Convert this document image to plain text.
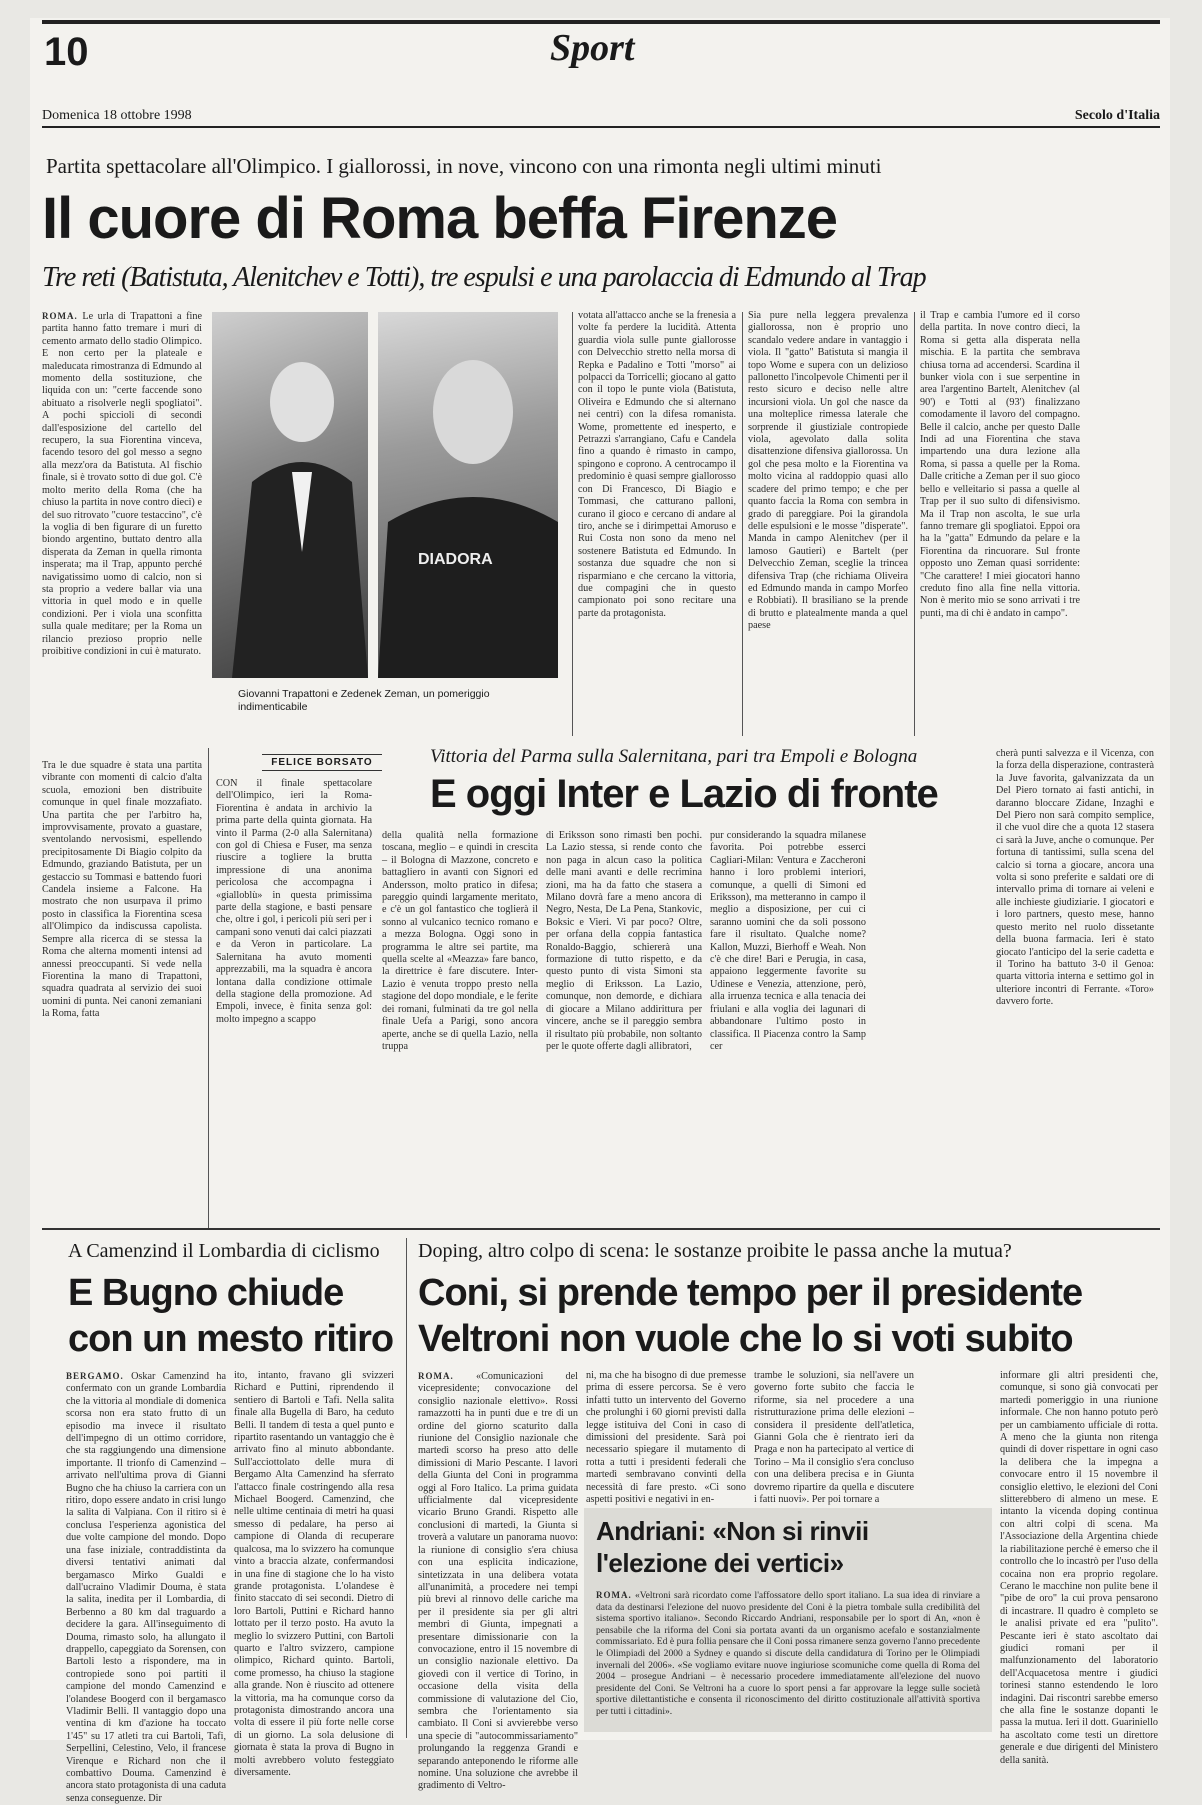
10	Sport
Domenica 18 ottobre 1998	Secolo d'Italia
Partita spettacolare all'Olimpico. I giallorossi, in nove, vincono con una rimonta negli ultimi minuti
Il cuore di Roma beffa Firenze
Tre reti (Batistuta, Alenitchev e Totti), tre espulsi e una parolaccia di Edmundo al Trap
ROMA. Le urla di Trapattoni a fine partita hanno fatto tremare i muri di cemento armato dello stadio Olimpico. E non certo per la plateale e maleducata rimostranza di Edmundo al momento della sostituzione, che liquida con un: "certe faccende sono abituato a risolverle negli spogliatoi". A pochi spiccioli di secondi dall'esposizione del cartello del recupero, la sua Fiorentina vinceva, facendo tesoro del gol messo a segno alla mezz'ora da Batistuta. Al fischio finale, si è trovato sotto di due gol. C'è molto merito della Roma (che ha chiuso la partita in nove contro dieci) e del suo ritrovato "cuore testaccino", c'è la voglia di ben figurare di un furetto biondo argentino, buttato dentro alla disperata da Zeman in quella rimonta insperata; ma il Trap, appunto perché navigatissimo uomo di calcio, non si sta proprio a vedere ballar via una vittoria in quel modo e in quelle condizioni. Per i viola una sconfitta sulla quale meditare; per la Roma un rilancio prezioso proprio nelle proibitive condizioni in cui è maturato.
DIADORA
Giovanni Trapattoni e Zedenek Zeman, un pomeriggio indimenticabile
votata all'attacco anche se la frenesia a volte fa perdere la lucidità. Attenta guardia viola sulle punte giallorosse con Delvecchio stretto nella morsa di Repka e Padalino e Totti "morso" ai polpacci da Torricelli; giocano al gatto con il topo le punte viola (Batistuta, Oliveira e Edmundo che si alternano nei centri) con la difesa romanista. Wome, promettente ed inesperto, e Petrazzi s'arrangiano, Cafu e Candela fino a quando è rimasto in campo, spingono e coprono. A centrocampo il predominio è quasi sempre giallorosso con Di Francesco, Di Biagio e Tommasi, che catturano palloni, curano il gioco e cercano di andare al tiro, anche se i dirimpettai Amoruso e Rui Costa non sono da meno nel sostenere Batistuta ed Edmundo. In sostanza due squadre che non si risparmiano e che cercano la vittoria, due compagini che in questo campionato poi sono recitare una parte da protagonista.
Sia pure nella leggera prevalenza giallorossa, non è proprio uno scandalo vedere andare in vantaggio i viola. Il "gatto" Batistuta si mangia il topo Wome e supera con un delizioso pallonetto l'incolpevole Chimenti per il resto sicuro e deciso nelle altre incursioni viola. Un gol che nasce da una molteplice rimessa laterale che sorprende il giustiziale contropiede viola, agevolato dalla solita disattenzione difensiva giallorossa. Un gol che pesa molto e la Fiorentina va molto vicina al raddoppio quasi allo scadere del primo tempo; e che per quanto faccia la Roma con sembra in grado di pareggiare. Poi la girandola delle espulsioni e le mosse "disperate". Manda in campo Alenitchev (per il lamoso Gautieri) e Bartelt (per Delvecchio Zeman, sceglie la trincea difensiva Trap (che richiama Oliveira ed Edmundo manda in campo Morfeo e Robbiati). Il brasiliano se la prende di brutto e platealmente manda a quel paese
il Trap e cambia l'umore ed il corso della partita. In nove contro dieci, la Roma si getta alla disperata nella mischia. E la partita che sembrava chiusa torna ad accendersi. Scardina il bunker viola con i sue serpentine in area l'argentino Bartelt, Alenitchev (al 90') e Totti al (93') finalizzano comodamente il lavoro del compagno. Belle il calcio, anche per questo Dalle Indi ad una Fiorentina che stava impartendo una dura lezione alla Roma, si passa a quelle per la Roma. Dalle critiche a Zeman per il suo gioco bello e velleitario si passa a quelle al Trap per il suo sulto di difensivismo. Ma il Trap non ascolta, le sue urla fanno tremare gli spogliatoi. Eppoi ora ha la "gatta" Edmundo da pelare e la Fiorentina da rincuorare. Sul fronte opposto uno Zeman quasi sorridente: "Che carattere! I miei giocatori hanno creduto fino alla fine nella vittoria. Non è merito mio se sono arrivati i tre punti, ma di chi è andato in campo".
Tra le due squadre è stata una partita vibrante con momenti di calcio d'alta scuola, emozioni ben distribuite comunque in quel finale mozzafiato. Una partita che per l'arbitro ha, improvvisamente, provato a guastare, sventolando nervosismi, espellendo precipitosamente Di Biagio colpito da Edmundo, graziando Batistuta, per un gestaccio su Tommasi e battendo fuori Candela insieme a Falcone. Ha mostrato che non usurpava il primo posto in classifica la Fiorentina scesa all'Olimpico da indiscussa capolista. Sempre alla ricerca di se stessa la Roma che alterna momenti intensi ad annessi preoccupanti. Si vede nella Fiorentina la mano di Trapattoni, squadra quadrata al servizio dei suoi uomini di punta. Nei canoni zemaniani la Roma, fatta
FELICE BORSATO	Vittoria del Parma sulla Salernitana, pari tra Empoli e Bologna
E oggi Inter e Lazio di fronte
CON il finale spettacolare dell'Olimpico, ieri la Roma-Fiorentina è andata in archivio la prima parte della quinta giornata. Ha vinto il Parma (2-0 alla Salernitana) con gol di Chiesa e Fuser, ma senza riuscire a togliere la brutta impressione di una anonima pericolosa che accompagna i «gialloblù» in questa primissima parte della stagione, e basti pensare che, oltre i gol, i pericoli più seri per i campani sono venuti dai calci piazzati e da Veron in particolare. La Salernitana ha avuto momenti apprezzabili, ma la squadra è ancora lontana dalla condizione ottimale della stagione della promozione. Ad Empoli, invece, è finita senza gol: molto impegno a scappo
della qualità nella formazione toscana, meglio – e quindi in crescita – il Bologna di Mazzone, concreto e battagliero in avanti con Signori ed Andersson, molto pratico in difesa; pareggio quindi largamente meritato, e c'è un gol fantastico che toglierà il sonno al vulcanico tecnico romano e a mezza Bologna. Oggi sono in programma le altre sei partite, ma quella scelte al «Meazza» fare banco, la direttrice è fare discutere. Inter-Lazio è venuta troppo presto nella stagione del dopo mondiale, e le ferite dei romani, fulminati da tre gol nella finale Uefa a Parigi, sono ancora aperte, anche se di quella Lazio, nella truppa
di Eriksson sono rimasti ben pochi. La Lazio stessa, si rende conto che non paga in alcun caso la politica delle mani avanti e delle recrimina zioni, ma ha da fatto che stasera a Milano dovrà fare a meno ancora di Negro, Nesta, De La Pena, Stankovic, Boksic e Vieri. Vi par poco? Oltre, per orfana della coppia fantastica Ronaldo-Baggio, schiererà una formazione di tutto rispetto, e da questo punto di vista Simoni sta meglio di Eriksson. La Lazio, comunque, non demorde, e dichiara di giocare a Milano addirittura per vincere, anche se il pareggio sembra il risultato più probabile, non soltanto per le quote offerte dagli allibratori,
pur considerando la squadra milanese favorita. Poi potrebbe esserci Cagliari-Milan: Ventura e Zaccheroni hanno i loro problemi interiori, comunque, a quelli di Simoni ed Eriksson), ma metteranno in campo il meglio a disposizione, per cui ci saranno uomini che da soli possono fare il risultato. Qualche nome? Kallon, Muzzi, Bierhoff e Weah. Non c'è che dire! Bari e Perugia, in casa, appaiono leggermente favorite su Udinese e Venezia, attenzione, però, alla irruenza tecnica e alla tenacia dei friulani e alla voglia dei lagunari di abbandonare l'ultimo posto in classifica. Il Piacenza contro la Samp cer
cherà punti salvezza e il Vicenza, con la forza della disperazione, contrasterà la Juve favorita, galvanizzata da un Del Piero tornato ai fasti antichi, in daranno bloccare Zidane, Inzaghi e Del Piero non sarà compito semplice, il che vuol dire che a quota 12 stasera ci sarà la Juve, anche o comunque. Per fortuna di tantissimi, sulla scena del calcio si torna a giocare, ancora una volta si sono preferite e saldati ore di intervallo prima di tornare ai veleni e alle inchieste giudiziarie. I giocatori e i loro partners, questo mese, hanno questo merito nel ruolo dissetante della buona farmacia. Ieri è stato giocato l'anticipo del la serie cadetta e il Torino ha battuto 3-0 il Genoa: quarta vittoria interna e settimo gol in ulteriore incontri di Ferrante. «Toro» davvero forte.
A Camenzind il Lombardia di ciclismo
E Bugno chiude
con un mesto ritiro
BERGAMO. Oskar Camenzind ha confermato con un grande Lombardia che la vittoria al mondiale di domenica scorsa non era stato frutto di un episodio ma invece il risultato dell'impegno di un ottimo corridore, che sta raggiungendo una dimensione importante. Il trionfo di Camenzind – arrivato nell'ultima prova di Gianni Bugno che ha chiuso la carriera con un ritiro, dopo essere andato in crisi lungo la salita di Valpiana. Con il ritiro si è conclusa l'esperienza agonistica del due volte campione del mondo. Dopo una fase iniziale, contraddistinta da diversi tentativi animati dal bergamasco Mirko Gualdi e dall'ucraino Vladimir Douma, è stata la salita, inedita per il Lombardia, di Berbenno a 80 km dal traguardo a decidere la gara. All'inseguimento di Douma, rimasto solo, ha allungato il drappello, capeggiato da Sorensen, con Bartoli lesto a rispondere, ma in contropiede sono poi partiti il campione del mondo Camenzind e l'olandese Boogerd con il bergamasco Vladimir Belli. Il vantaggio dopo una ventina di km d'azione ha toccato 1'45" su 17 atleti tra cui Bartoli, Tafi, Serpellini, Celestino, Velo, il francese Virenque e Richard non che il combattivo Douma. Camenzind è ancora stato protagonista di una caduta senza conseguenze. Dir
ito, intanto, fravano gli svizzeri Richard e Puttini, riprendendo il sentiero di Bartoli e Tafi. Nella salita finale alla Bugella di Baro, ha ceduto Belli. Il tandem di testa a quel punto e ripartito rasentando un vantaggio che è arrivato fino al minuto abbondante. Sull'acciottolato delle mura di Bergamo Alta Camenzind ha sferrato l'attacco finale costringendo alla resa Michael Boogerd. Camenzind, che nelle ultime centinaia di metri ha quasi smesso di pedalare, ha perso ai campione di Olanda di recuperare qualcosa, ma lo svizzero ha comunque vinto a braccia alzate, confermandosi in una fine di stagione che lo ha visto grande protagonista. L'olandese è finito staccato di sei secondi. Dietro di loro Bartoli, Puttini e Richard hanno lottato per il terzo posto. Ha avuto la meglio lo svizzero Puttini, con Bartoli quarto e l'altro svizzero, campione olimpico, Richard quinto. Bartoli, come promesso, ha chiuso la stagione alla grande. Non è riuscito ad ottenere la vittoria, ma ha comunque corso da protagonista dimostrando ancora una volta di essere il più forte nelle corse di un giorno. La sola delusione di giornata è stata la prova di Bugno in molti avrebbero voluto festeggiato diversamente.
Doping, altro colpo di scena: le sostanze proibite le passa anche la mutua?
Coni, si prende tempo per il presidente
Veltroni non vuole che lo si voti subito
ROMA. «Comunicazioni del vicepresidente; convocazione del consiglio nazionale elettivo». Rossi ramazzotti ha in punti due e tre di un ordine del giorno scaturito dalla riunione del Consiglio nazionale che martedì scorso ha preso atto delle dimissioni di Mario Pescante. I lavori della Giunta del Coni in programma oggi al Foro Italico. La prima guidata ufficialmente dal vicepresidente vicario Bruno Grandi. Rispetto alle conclusioni di martedì, la Giunta si troverà a valutare un panorama nuovo: la riunione di consiglio s'era chiusa con una esplicita indicazione, sintetizzata in una delibera votata all'unanimità, a procedere nei tempi più brevi al rinnovo delle cariche ma per il presidente sia per gli altri membri di Giunta, impegnati a presentare dimissionarie con la convocazione, entro il 15 novembre di un consiglio nazionale elettivo. Da giovedì con il vertice di Torino, in occasione della visita della commissione di valutazione del Cio, sembra che l'orientamento sia cambiato. Il Coni si avvierebbe verso una specie di "autocommissariamento" prolungando la reggenza Grandi e separando anteponendo le riforme alle nomine. Una soluzione che avrebbe il gradimento di Veltro-
ni, ma che ha bisogno di due premesse prima di essere percorsa. Se è vero infatti tutto un intervento del Governo che prolunghi i 60 giorni previsti dalla legge istituiva del Coni in caso di dimissioni del presidente. Sarà poi necessario spiegare il mutamento di rotta a tutti i presidenti federali che martedì sembravano convinti della necessità di fare presto. «Ci sono aspetti positivi e negativi in en-
trambe le soluzioni, sia nell'avere un governo forte subito che faccia le riforme, sia nel procedere a una ristrutturazione prima delle elezioni – considera il presidente dell'atletica, Gianni Gola che è rientrato ieri da Praga e non ha partecipato al vertice di Torino – Ma il consiglio s'era concluso con una delibera precisa e in Giunta dovremo ripartire da quella e discutere i fatti nuovi». Per poi tornare a
informare gli altri presidenti che, comunque, si sono già convocati per martedì pomeriggio in una riunione informale. Che non hanno potuto però per un cambiamento ufficiale di rotta. A meno che la giunta non ritenga quindi di dover rispettare in ogni caso la delibera che la impegna a convocare entro il 15 novembre il consiglio elettivo, le elezioni del Coni slitterebbero di almeno un mese. E intanto la vicenda doping continua con altri colpi di scena. Ma l'Associazione della Argentina chiede la riabilitazione perché è emerso che il controllo che lo incastrò per l'uso della cocaina non era proprio regolare. Cerano le macchine non pulite bene il "pibe de oro" la cui prova pensarono di incastrare. Il quadro è completo se le analisi private ed era "pulito". Pescante ieri è stato ascoltato dai giudici romani per il malfunzionamento del laboratorio dell'Acquacetosa mentre i giudici torinesi stanno estendendo le loro indagini. Dai riscontri sarebbe emerso che alla fine le sostanze dopanti le passa la mutua. Ieri il dott. Guariniello ha ascoltato come testi un direttore generale e due dirigenti del Ministero della sanità.
Andriani: «Non si rinvii
l'elezione dei vertici»
ROMA. «Veltroni sarà ricordato come l'affossatore dello sport italiano. La sua idea di rinviare a data da destinarsi l'elezione del nuovo presidente del Coni è la pietra tombale sulla credibilità del sistema sportivo italiano». Secondo Riccardo Andriani, responsabile per lo sport di An, «non è pensabile che la riforma del Coni sia portata avanti da un organismo acefalo e sostanzialmente commissariato. Ed è pura follia pensare che il Coni possa rimanere senza governo l'anno precedente le Olimpiadi del 2000 a Sydney e quando si discute della candidatura di Torino per le Olimpiadi invernali del 2006». «Se vogliamo evitare nuove ingiuriose scomuniche come quella di Roma del 2004 – prosegue Andriani – è necessario procedere immediatamente all'elezione del nuovo presidente del Coni. Se Veltroni ha a cuore lo sport pensi a far approvare la legge sulle società sportive dilettantistiche e consenta il riconoscimento del diritto costituzionale all'attività sportiva per tutti i cittadini».
